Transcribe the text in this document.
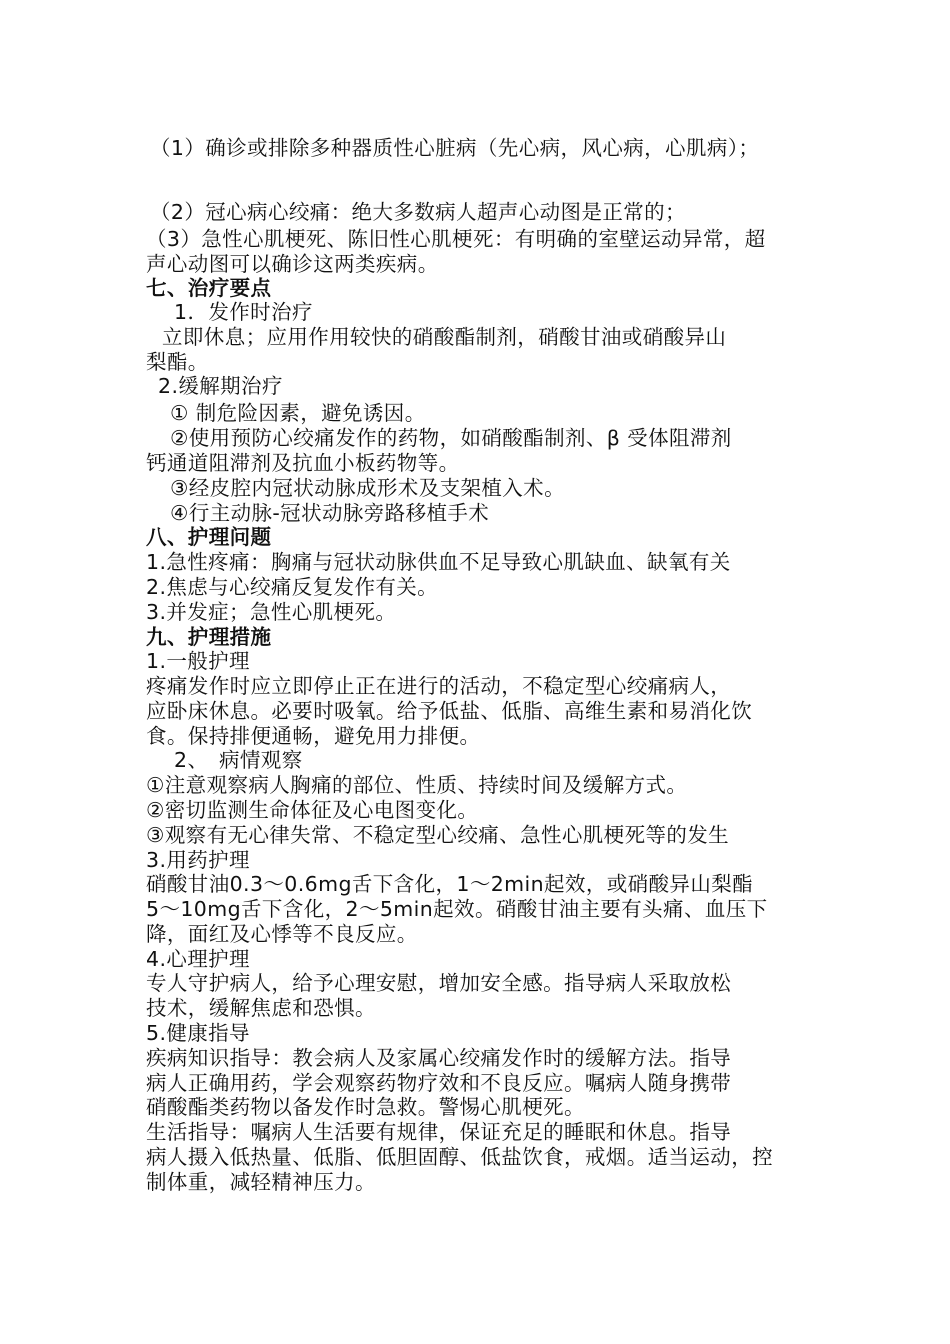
（1）确诊或排除多种器质性心脏病（先心病，风心病，心肌病）；
（2）冠心病心绞痛：绝大多数病人超声心动图是正常的；
（3）急性心肌梗死、陈旧性心肌梗死：有明确的室壁运动异常，超
声心动图可以确诊这两类疾病。
七、治疗要点
1．发作时治疗
立即休息；应用作用较快的硝酸酯制剂，硝酸甘油或硝酸异山
梨酯。
2.缓解期治疗
① 制危险因素，避免诱因。
②使用预防心绞痛发作的药物，如硝酸酯制剂、β 受体阻滞剂
钙通道阻滞剂及抗血小板药物等。
③经皮腔内冠状动脉成形术及支架植入术。
④行主动脉-冠状动脉旁路移植手术
八、护理问题
1.急性疼痛：胸痛与冠状动脉供血不足导致心肌缺血、缺氧有关
2.焦虑与心绞痛反复发作有关。
3.并发症；急性心肌梗死。
九、护理措施
1.一般护理
疼痛发作时应立即停止正在进行的活动，不稳定型心绞痛病人，
应卧床休息。必要时吸氧。给予低盐、低脂、高维生素和易消化饮
食。保持排便通畅，避免用力排便。
2、　病情观察
①注意观察病人胸痛的部位、性质、持续时间及缓解方式。
②密切监测生命体征及心电图变化。
③观察有无心律失常、不稳定型心绞痛、急性心肌梗死等的发生
3.用药护理
硝酸甘油0.3～0.6mg舌下含化，1～2min起效，或硝酸异山梨酯
5～10mg舌下含化，2～5min起效。硝酸甘油主要有头痛、血压下
降，面红及心悸等不良反应。
4.心理护理
专人守护病人，给予心理安慰，增加安全感。指导病人采取放松
技术，缓解焦虑和恐惧。
5.健康指导
疾病知识指导：教会病人及家属心绞痛发作时的缓解方法。指导
病人正确用药，学会观察药物疗效和不良反应。嘱病人随身携带
硝酸酯类药物以备发作时急救。警惕心肌梗死。
生活指导：嘱病人生活要有规律，保证充足的睡眠和休息。指导
病人摄入低热量、低脂、低胆固醇、低盐饮食，戒烟。适当运动，控
制体重，减轻精神压力。
